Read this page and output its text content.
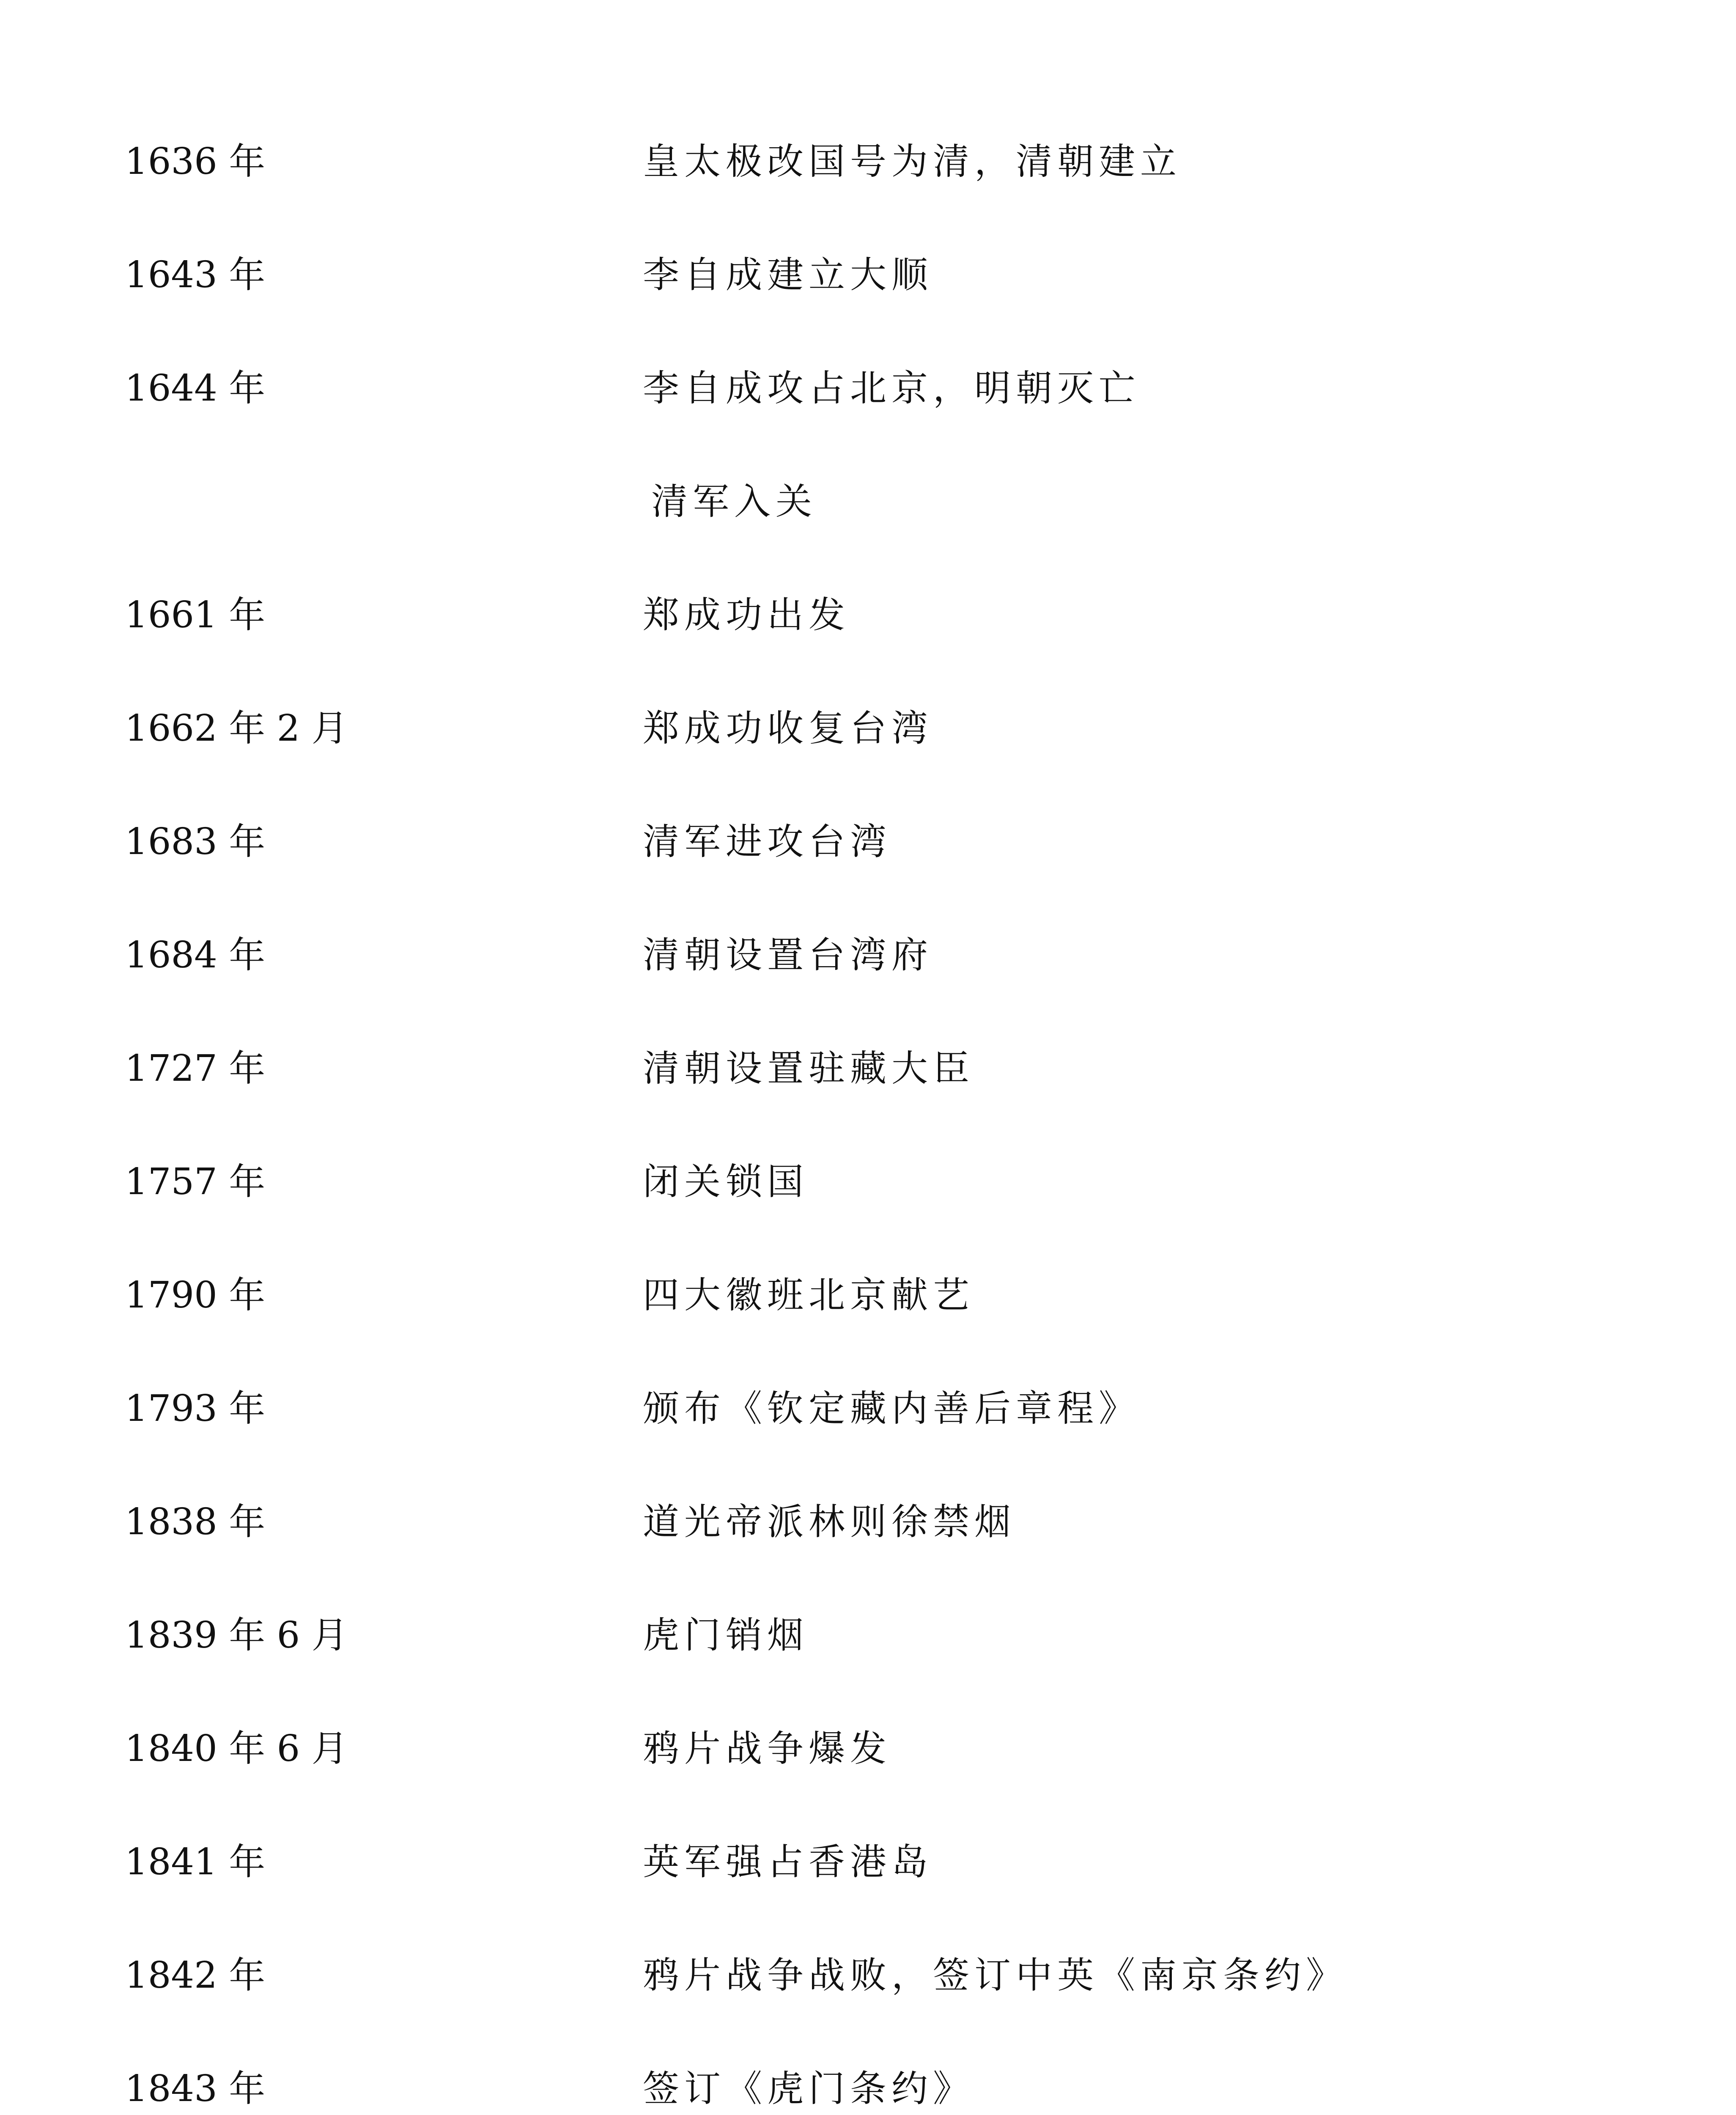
1636 年	皇太极改国号为清，清朝建立
1643 年	李自成建立大顺
1644 年	李自成攻占北京，明朝灭亡
清军入关
1661 年	郑成功出发
1662 年 2 月	郑成功收复台湾
1683 年	清军进攻台湾
1684 年	清朝设置台湾府
1727 年	清朝设置驻藏大臣
1757 年	闭关锁国
1790 年	四大徽班北京献艺
1793 年	颁布《钦定藏内善后章程》
1838 年	道光帝派林则徐禁烟
1839 年 6 月	虎门销烟
1840 年 6 月	鸦片战争爆发
1841 年	英军强占香港岛
1842 年	鸦片战争战败，签订中英《南京条约》
1843 年	签订《虎门条约》
